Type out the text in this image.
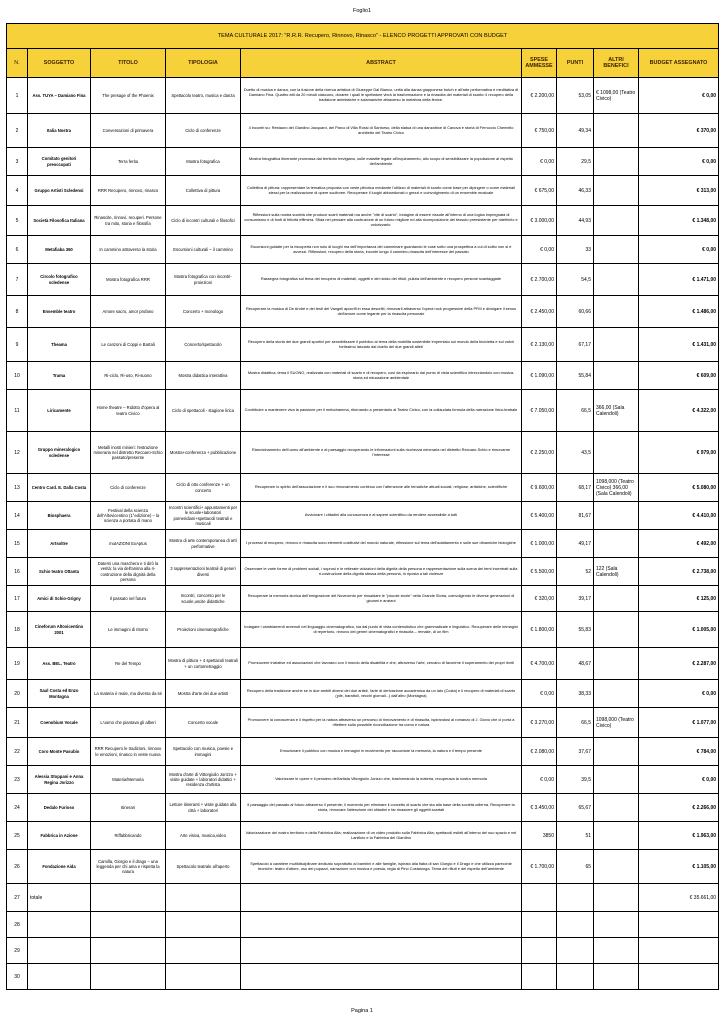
Foglio1
TEMA CULTURALE 2017: "R.R.R. Recupero, Rinnovo, Rinasco" - ELENCO PROGETTI APPROVATI CON BUDGET								
N.	SOGGETTO	TITOLO	TIPOLOGIA	ABSTRACT	SPESE AMMESSE	PUNTI	ALTRI BENEFICI	BUDGET ASSEGNATO
1	Ass. TUYA – Damiano Fina	The presage of the Phoenix	Spettacolo teatro, musica e danza	Duetto di musica e danza, con la fusione della ricerca artistica di Giuseppe Dal Bianco, unità alla danza giapponese butoh e all'arte performativa e meditativa di Damiano Fina. Quattro atti da 20 minuti ciascuno, durante i quali le spettatore vivrà la trasformazione e la rinascita dei materiali di scarto: il recupero della tradizione animistiche e sciamaniche attraverso la metafora della fenice.	€ 2.200,00	53,05	€ 1098,00 (Teatro Civico)	€ 0,00
2	Italia Nostra	Conversazioni di primavera	Ciclo di conferenze	4 incontri su: Restauro del Giardino Jacquard, del Parco di Villa Rossi di Santorso, della statua di una danzatrice di Canova e storia di Ferruccio Chemello architetto del Teatro Civico	€ 750,00	49,34		€ 370,00
3	Comitato genitori preoccupati	Terra ferita	Mostra fotografica	Mostra fotografica itinerante promossa dal territorio trevigiano, sulle malattie legate all'inquinamento, allo scopo di sensibilizzare la popolazione al rispetto dell'ambiente	€ 0,00	29,5		€ 0,00
4	Gruppo Artisti Scledensi	RRR Recupero, rinnovo, rinasco	Collettiva di pittura	Collettiva di pittura: rappresentare la tematica proposta con veste pittorica mediante l'utilizzo di materiali di scarto come base per dipingere o come materiali stessi per la realizzazione di opere scultoree. Recuperare il luoghi abbandonati o grezzi e coinvolgimento di un ensemble musicale	€ 675,00	46,33		€ 313,00
5	Società Filosofica Italiana	Rinascite, rinnovi, recuperi. Persone tra mito, storia e filosofia	Ciclo di incontri culturali e filosofici	Riflessioni sulla nostra società che produce scarti materiali ma anche "vite di scarto", indagine di essere vissute all'interno di una logica impregnata di consumismo e di fonti di felicità effimera. Sfida nel pensare alla costruzione di un futuro migliore ed alla ricomposizione del tessuto preesistente per ridefinirlo e valorizzarlo.	€ 3.000,00	44,93		€ 1.348,00
6	Metafiaba 360	In cammino attraverso la storia	Escursioni culturali – il cammino	Escursioni guidate per la riscoperta non solo di luoghi ma dell'importanza del camminare guardando le cose sotto una prospettiva a cui di solito non si è avvezzi. Riflessioni, recupero della storia, incontri lungo il cammino,rinascita dell'interesse del passato	€ 0,00	33		€ 0,00
7	Circolo fotografico scledense	Mostra fotografica RRR	Mostra fotografica con incontri-proiezioni	Rassegna fotografica sul tema del recupero di materiali, oggetti e del riciclo dei rifiuti, pulizia dell'ambiente e recupero persone svantaggiate	€ 2.700,00	54,5		€ 1.471,00
8	Ensemble teatro	Amore sacro, amor profano	Concerto + monologo	Recuperare la musica di De André e dei testi dei Vangeli apocrifi in essa descritti, rinnovarli attraverso l'opera rock progressive della PFM e divulgare il senso dell'amore come legante per la rinascita personale	€ 2.450,00	60,66		€ 1.486,00
9	Theama	Le canzoni di Coppi e Bartali	Concerto/spettacolo	Recupero della storia dei due grandi sportivi per sensibilizzare il pubblico al tema della mobilità sostenibile imperniato sul mondo della bicicletta e sui valori fortissimo lasciato dal duello dei due grandi atleti	€ 2.130,00	67,17		€ 1.431,00
10	Trama	Ri-ciclo, Ri-uso, Ri-suono	Mostra didattica interattiva	Mostra didattica, tema il SUONO, realizzata con materiali di scarto e di recupero, così da esplorarlo dal punto di vista scientifico intrecciandolo con musica, storia ed educazione ambientale	€ 1.090,00	55,84		€ 609,00
11	Liricamente	Home theatre – Ridotto d'opera al teatro Civico	Ciclo di spettacoli - stagione lirica	Contribuire a mantenere viva la passione per il melodramma, ritornando a presentarlo al Teatro Civico, con la collaudata formula della narrazione lirico-teatrale	€ 7.050,00	66,5	366,00 (Sala Calendoli)	€ 4.322,00
12	Gruppo mineralogico scledense	Metalli inosti minieri: l'estrazione mineraria nel distretto Recoaro-Schio passato/presente	Mostra+conferenza + pubblicazione	Rianvicinamento dell'uomo all'ambiente e al paesaggio recuperando le informazioni sulla ricchezza mineraria nel distretto Recoaro-Schio e rinnovarne l'interesse	€ 2.250,00	43,5		€ 979,00
13	Centro Card. E. Dalla Costa	Ciclo di conferenze	Ciclo di otto conferenze + un concerto	Recuperare lo spirito dell'associazione e il suo rinnovamento continuo con l'attenzione alle tematiche attuali sociali, religiose, artistiche, scientifiche	€ 9.600,00	68,17	1098,000 (Teatro Civico) 366,00 (Sala Calendoli)	€ 5.080,00
14	Biosphaera	Festival della scienza dell'Altovicentino (1°edizione) – la scienza a portata di mano	Incontri scientifici+ appuntamenti per le scuole+laboratori pomeridiani+spettacoli teatrali e musicali	Avvicinare i cittadini alla conoscenza e al sapere scientifico da rendere accessibile a tutti	€ 5.400,00	81,67		€ 4.410,00
15	Artsoltre	mutAZIONI ExAptus	Mostra di arte contemporanea di arti performative	I processi di recupero, rinnovo e rinascita sono elementi costitutivi del mondo naturale, riflessione sul tema dell'adattamento e sulle sue dinamiche biologiche	€ 1.000,00	49,17		€ 492,00
16	Schio teatro Ottanta	Daterni una maschera e ti dirò la verità: la via dell'anima alla ri-costruzione della dignità della persona	3 rappresentazioni teatrali di generi diversi	Osservare le varie forme di problemi sociali, i soprusi e le reiterate violazioni della dignità della persona e rappresentazione sulla scena dei temi incentrati sulla ri-costruzione della dignità stessa della persona, in riposta a tali violenze	€ 5.500,00	52	122 (Sala Calendoli)	€ 2.738,00
17	Amici di Schio-Grigny	Il passato nel futuro	Incontri, concorso per le scuole,uscite didattiche	Recuperare la memoria storica dell'emigrazione del Novecento per rinsaldare le "piccole storie" nella Grande Storia, coinvolgendo le diverse generazioni di giovani e anziani	€ 320,00	39,17		€ 125,00
18	Cineforum Altovicentino 2001	Le immagini di ritorno	Proiezioni cinematografiche	Indagare i cambiamenti avvenuti nel linguaggio cinematografico, sia dal punto di vista contenutistico che grammaticale e linguistico. Recuperare delle immagini di repertorio, rinnovo dei generi cinematografici e rinascita – remake, di un film	€ 1.800,00	55,83		€ 1.005,00
19	Ass. BEL. Teatro	Re del Tempo	Mostra di pittura + 4 spettacoli teatrali + un cortometraggio	Promuovere iniziative ed associazioni che lavorano con il mondo della disabilità e che, attraverso l'arte, cercano di favorirne il superamento dei propri limiti	€ 4.700,00	48,67		€ 2.287,00
20	Saul Costa ed Enzo Montagna	La materia è reale, ma diversa da sé	Mostra d'arte dei due artisti	Recupero della tradizione anche se in due ambiti diversi dei due artisti, l'arte di derivazione accademica da un lato (Costa) e il recupero di materiali di scarto (pile, barattoli, vecchi giornali...) dall'altro (Montagna)	€ 0,00	38,33		€ 0,00
21	Coenobium Vocale	L'uomo che piantava gli alberi	Concerto vocale	Promuovere la conoscenza e il rispetto per la natura attraverso un percorso di rinnovamento e di rinascita, ispirandosi al romanzo di J. Giono che ci porta a riflettere sulla possibile riconciliazione tra uomo e natura	€ 3.270,00	66,5	1098,000 (Teatro Civico)	€ 1.077,00
22	Coro Monte Pasubio	RRR Recupero le tradizioni, rinnovo le emozioni, rinasco in veste nuova	Spettacolo con musica, poesie e immagini	Emozionare il pubblico con musica e immagini in movimento per raccontare la memoria, la natura e il tempo presente	€ 2.080,00	37,67		€ 784,00
23	Alessia Stoppani e Anna Regina Jorizzo	Materia/Memoria	Mostra d'arte di Vittorgiulio Jorizzo + visite guidate + laboratori didattici + residenza d'artista	Valorizzare le opere e il pensiero dell'artista Vittorgiulio Jorizzo che, trasformando la materia, recuperava la nostra memoria	€ 0,00	39,5		€ 0,00
24	Dedalo Furioso	Itinerari	Letture itineranti + visite guidate alla città + laboratori	Il paesaggio del passato al futuro attraverso il presente; il momento per eliminare il concetto di scarto che sta alla base della società odierna. Recuperare la storia, rinnovare l'attenzione dei cittadini e far rinascere gli oggetti scartati	€ 3.450,00	65,67		€ 2.266,00
25	Fabbrica in Azione	Riffabbricando	Arte visiva, musica,video	Valorizzazione del nostro territorio e della Fabbrica Alta; realizzazione di un video prodotto sulla Fabbrica Alta; spettacoli esibiti all'interno del suo spazio e nel Lanificio e la Fabbrica del Giardino	3850	51		€ 1.963,00
26	Fondazione Aida	Camilla, Giorgio e il drago – una leggenda per chi ama e rispetta la natura	Spettacolo teatrale all'aperto	Spettacolo a carattere multidisciplinare dedicato soprattutto ai bambini e alle famiglie, ispirato alla fiaba di san Giorgio e il Drago e che utilizza parecchie tecniche: teatro d'attore, uso dei pupazzi, narrazione con musica e poesia, regia di Pino Costalunga. Tema del rifiuti e del rispetto dell'ambiente	€ 1.700,00	65		€ 1.105,00
27	totale							€ 35.661,00
28								
29								
30								
Pagina 1
